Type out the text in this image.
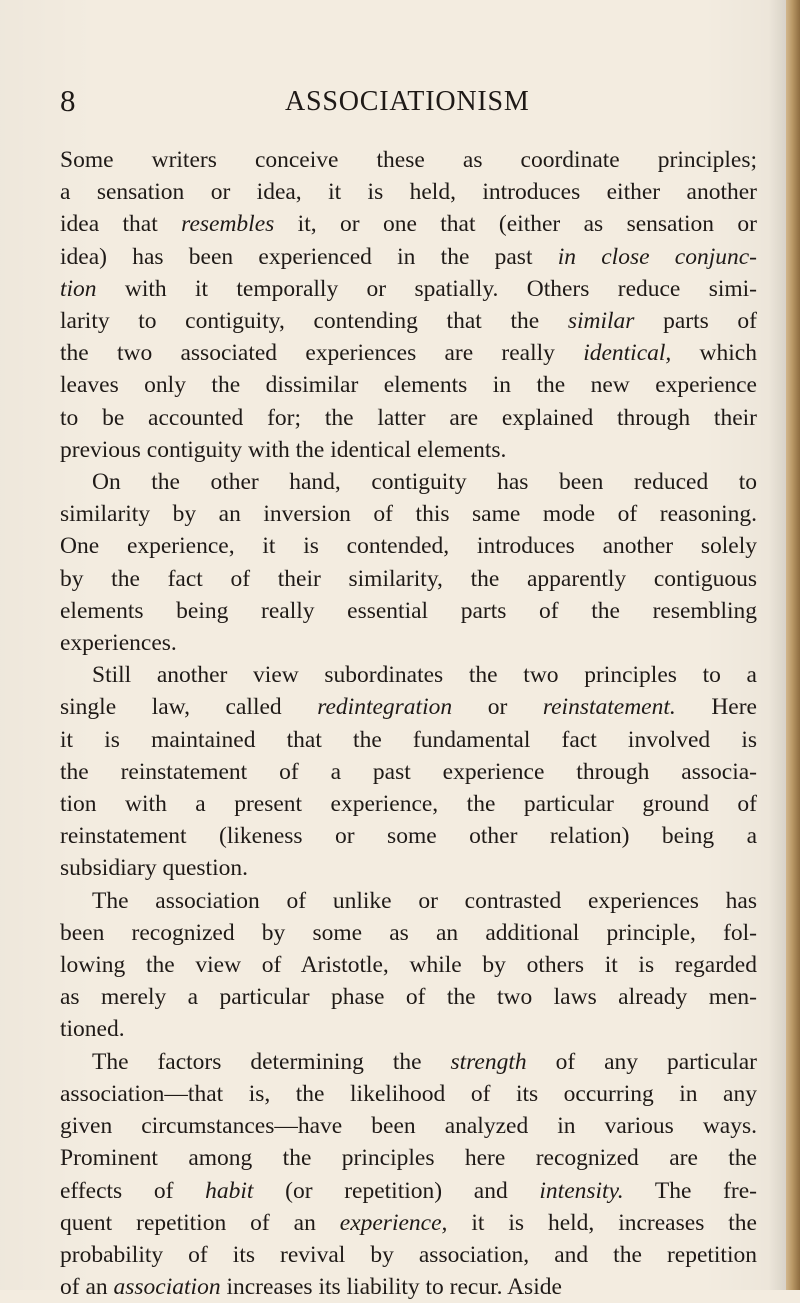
8	ASSOCIATIONISM
Some writers conceive these as coordinate principles;
a sensation or idea, it is held, introduces either another
idea that resembles it, or one that (either as sensation or
idea) has been experienced in the past in close conjunc-
tion with it temporally or spatially. Others reduce simi-
larity to contiguity, contending that the similar parts of
the two associated experiences are really identical, which
leaves only the dissimilar elements in the new experience
to be accounted for; the latter are explained through their
previous contiguity with the identical elements.
On the other hand, contiguity has been reduced to
similarity by an inversion of this same mode of reasoning.
One experience, it is contended, introduces another solely
by the fact of their similarity, the apparently contiguous
elements being really essential parts of the resembling
experiences.
Still another view subordinates the two principles to a
single law, called redintegration or reinstatement. Here
it is maintained that the fundamental fact involved is
the reinstatement of a past experience through associa-
tion with a present experience, the particular ground of
reinstatement (likeness or some other relation) being a
subsidiary question.
The association of unlike or contrasted experiences has
been recognized by some as an additional principle, fol-
lowing the view of Aristotle, while by others it is regarded
as merely a particular phase of the two laws already men-
tioned.
The factors determining the strength of any particular
association—that is, the likelihood of its occurring in any
given circumstances—have been analyzed in various ways.
Prominent among the principles here recognized are the
effects of habit (or repetition) and intensity. The fre-
quent repetition of an experience, it is held, increases the
probability of its revival by association, and the repetition
of an association increases its liability to recur. Aside
